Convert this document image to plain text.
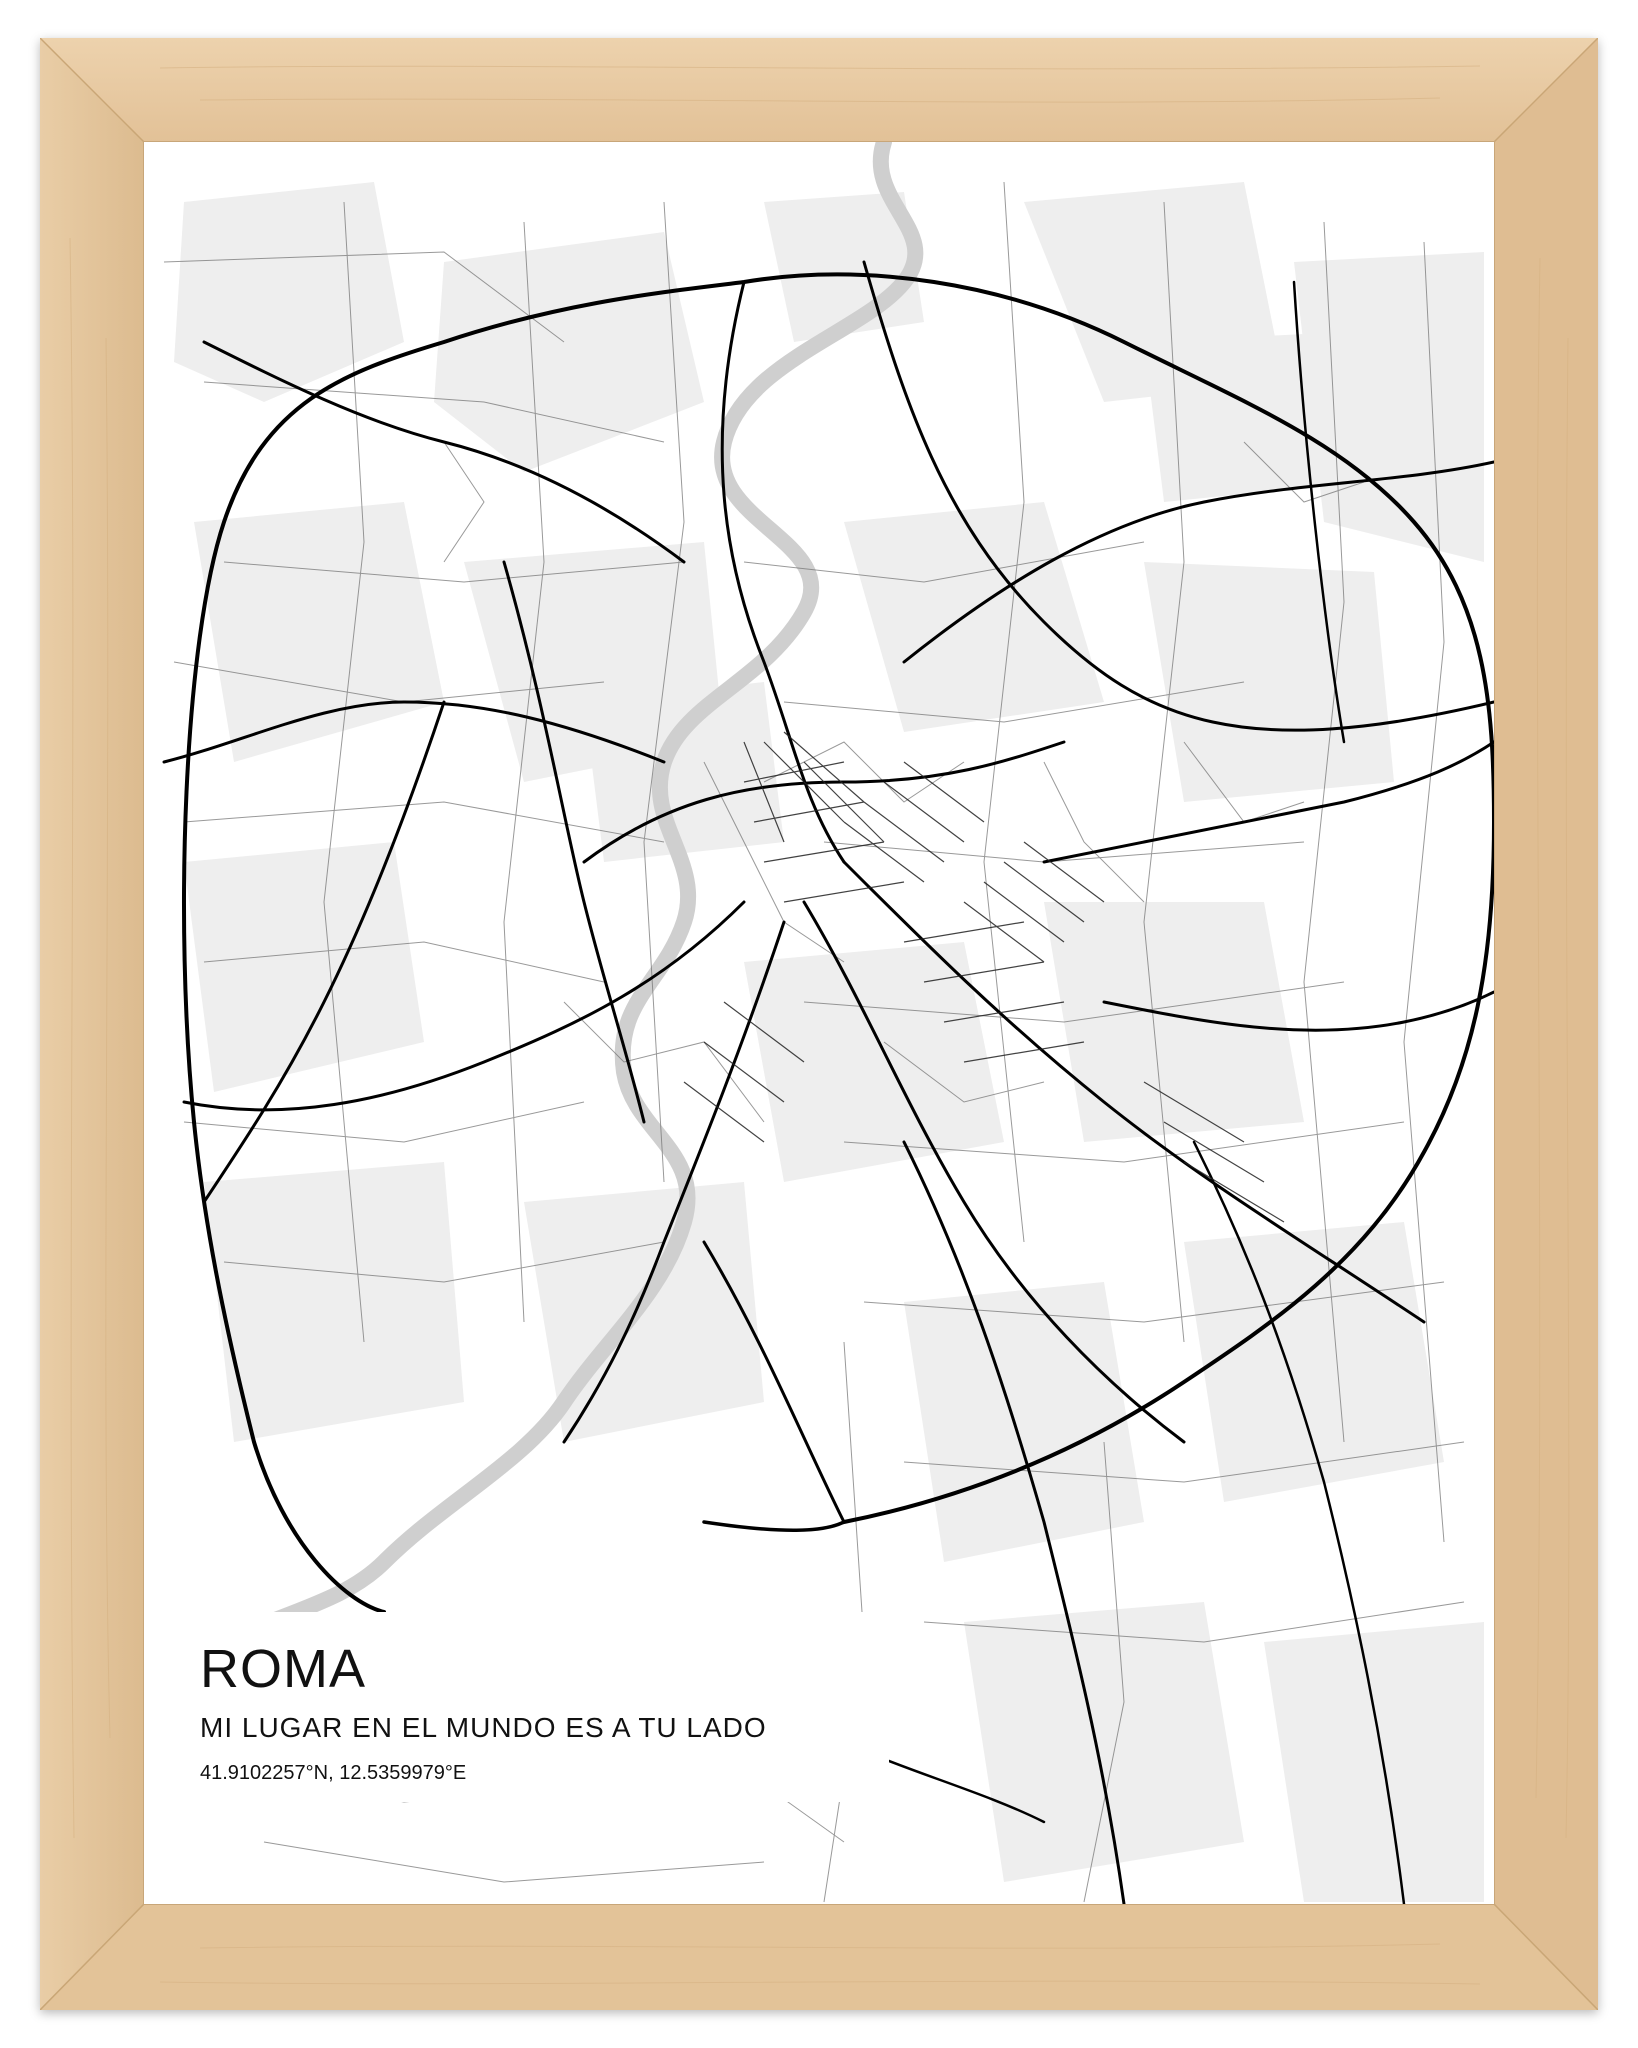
ROMA
MI LUGAR EN EL MUNDO ES A TU LADO
41.9102257°N, 12.5359979°E
